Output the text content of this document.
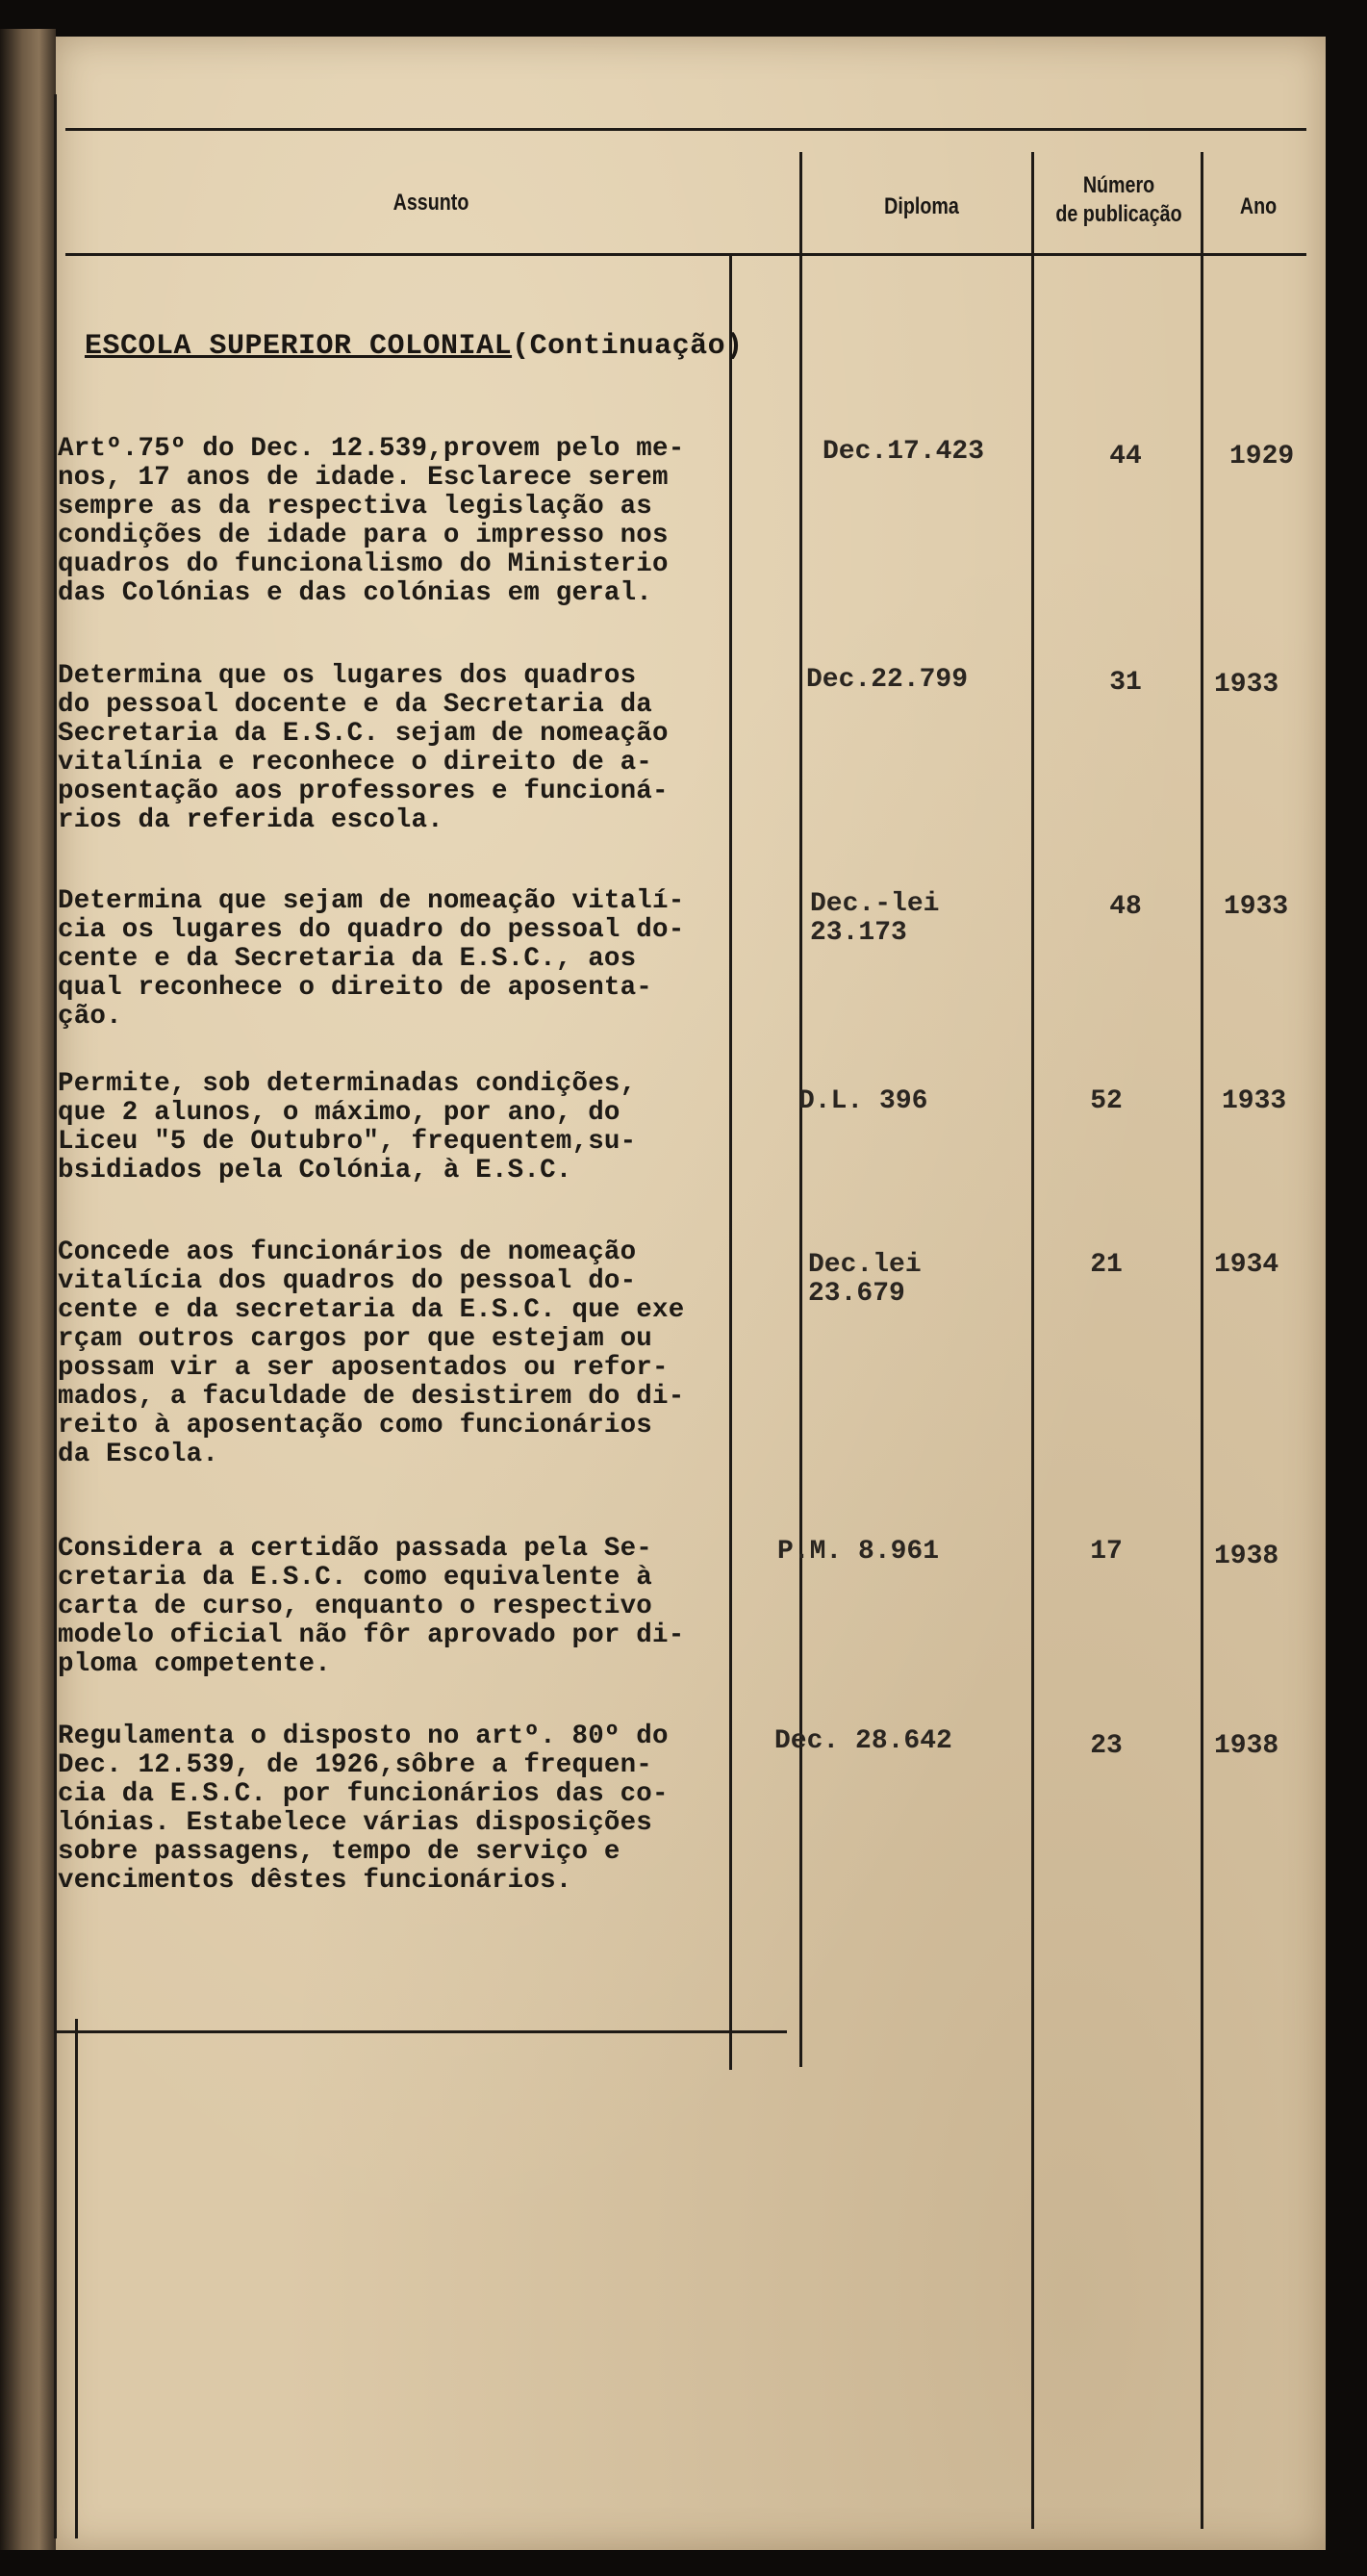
Assunto	Diploma
Número
de publicação	Ano
ESCOLA SUPERIOR COLONIAL(Continuação)
Artº.75º do Dec. 12.539,provem pelo me-
nos, 17 anos de idade. Esclarece serem
sempre as da respectiva legislação as
condições de idade para o impresso nos
quadros do funcionalismo do Ministerio
das Colónias e das colónias em geral.
Dec.17.423	44	1929
Determina que os lugares dos quadros
do pessoal docente e da Secretaria da
Secretaria da E.S.C. sejam de nomeação
vitalínia e reconhece o direito de a-
posentação aos professores e funcioná-
rios da referida escola.
Dec.22.799	31	1933
Determina que sejam de nomeação vitalí-
cia os lugares do quadro do pessoal do-
cente e da Secretaria da E.S.C., aos
qual reconhece o direito de aposenta-
ção.
Dec.-lei
23.173
48	1933
Permite, sob determinadas condições,
que 2 alunos, o máximo, por ano, do
Liceu "5 de Outubro", frequentem,su-
bsidiados pela Colónia, à E.S.C.
D.L. 396	52	1933
Concede aos funcionários de nomeação
vitalícia dos quadros do pessoal do-
cente e da secretaria da E.S.C. que exe
rçam outros cargos por que estejam ou
possam vir a ser aposentados ou refor-
mados, a faculdade de desistirem do di-
reito à aposentação como funcionários
da Escola.
Dec.lei
23.679
21	1934
Considera a certidão passada pela Se-
cretaria da E.S.C. como equivalente à
carta de curso, enquanto o respectivo
modelo oficial não fôr aprovado por di-
ploma competente.
P.M. 8.961	17	1938
Regulamenta o disposto no artº. 80º do
Dec. 12.539, de 1926,sôbre a frequen-
cia da E.S.C. por funcionários das co-
lónias. Estabelece várias disposições
sobre passagens, tempo de serviço e
vencimentos dêstes funcionários.
Dec. 28.642	23	1938
